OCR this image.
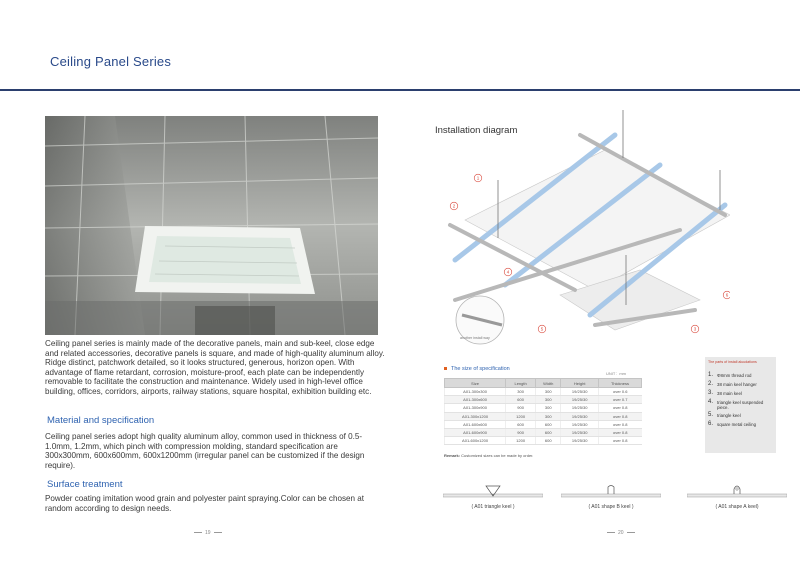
Ceiling Panel Series
Ceiling panel series is mainly made of the decorative panels, main and sub-keel, close edge and related accessories, decorative panels is square, and made of high-quality aluminum alloy. Ridge distinct, patchwork detailed, so it looks structured, generous, horizon open. With advantage of flame retardant, corrosion, moisture-proof, each plate can be independently removable to facilitate the construction and maintenance. Widely used in high-level office building, offices, corridors, airports, railway stations, square hospital, exhibition building etc.
Material and specification
Ceiling panel series adopt high quality aluminum alloy, common used in thickness of 0.5-1.0mm, 1.2mm, which pinch with compression molding, standard specification are 300x300mm, 600x600mm, 600x1200mm (irregular panel can be customized if the design require).
Surface treatment
Powder coating imitation wood grain and polyester paint spraying.Color can be chosen at random according to design needs.
19
1
2
3
4
5
6
another install way
Installation diagram
The size of specification
UNIT：mm
Size	Length	Width	Height	Thickness
A01-300x300	300	300	19/25/30	over 0.6
A01-300x600	600	300	19/25/30	over 0.7
A01-300x900	900	300	19/25/30	over 0.8
A01-300x1200	1200	300	19/25/30	over 0.8
A01-600x600	600	600	19/25/30	over 0.8
A01-600x900	900	600	19/25/30	over 0.8
A01-600x1200	1200	600	19/25/30	over 0.8
Remark: Customized sizes can be made by order.
The parts of install aluudations
1. Φ8mm thread rod
2. 38 main keel hanger
3. 38 main keel
4. triangle keel suspended piece.
5. triangle keel
6. square metal ceiling
( A01 triangle keel )	( A01 shape B keel )	( A01 shape A keel)
20
